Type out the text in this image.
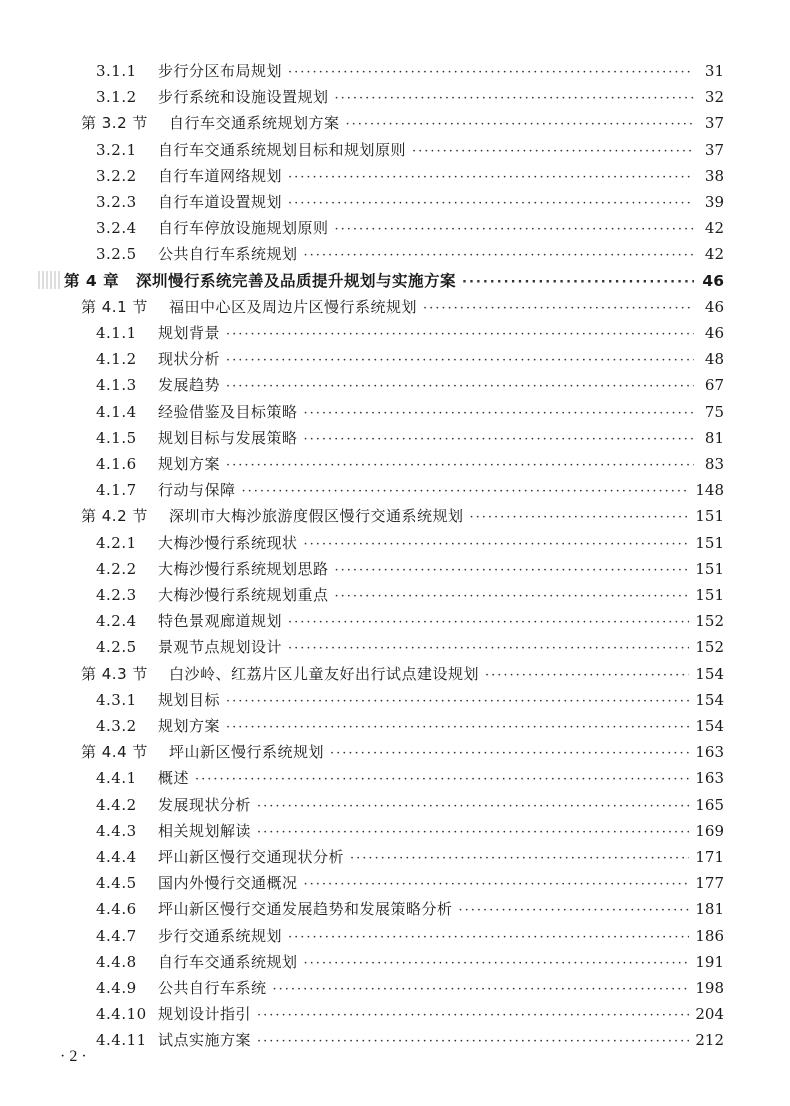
3.1.1	步行分区布局规划 ·····	31
3.1.2	步行系统和设施设置规划 ·····	32
第 3.2 节	自行车交通系统规划方案 ·····	37
3.2.1	自行车交通系统规划目标和规划原则 ·····	37
3.2.2	自行车道网络规划 ·····	38
3.2.3	自行车道设置规划 ·····	39
3.2.4	自行车停放设施规划原则 ·····	42
3.2.5	公共自行车系统规划 ·····	42
第 4 章	深圳慢行系统完善及品质提升规划与实施方案 ·····	46
第 4.1 节	福田中心区及周边片区慢行系统规划 ·····	46
4.1.1	规划背景 ·····	46
4.1.2	现状分析 ·····	48
4.1.3	发展趋势 ·····	67
4.1.4	经验借鉴及目标策略 ·····	75
4.1.5	规划目标与发展策略 ·····	81
4.1.6	规划方案 ·····	83
4.1.7	行动与保障 ·····	148
第 4.2 节	深圳市大梅沙旅游度假区慢行交通系统规划 ·····	151
4.2.1	大梅沙慢行系统现状 ·····	151
4.2.2	大梅沙慢行系统规划思路 ·····	151
4.2.3	大梅沙慢行系统规划重点 ·····	151
4.2.4	特色景观廊道规划 ·····	152
4.2.5	景观节点规划设计 ·····	152
第 4.3 节	白沙岭、红荔片区儿童友好出行试点建设规划 ·····	154
4.3.1	规划目标 ·····	154
4.3.2	规划方案 ·····	154
第 4.4 节	坪山新区慢行系统规划 ·····	163
4.4.1	概述 ·····	163
4.4.2	发展现状分析 ·····	165
4.4.3	相关规划解读 ·····	169
4.4.4	坪山新区慢行交通现状分析 ·····	171
4.4.5	国内外慢行交通概况 ·····	177
4.4.6	坪山新区慢行交通发展趋势和发展策略分析 ·····	181
4.4.7	步行交通系统规划 ·····	186
4.4.8	自行车交通系统规划 ·····	191
4.4.9	公共自行车系统 ·····	198
4.4.10 规划设计指引 ·····	204
4.4.11 试点实施方案 ·····	212
· 2 ·
